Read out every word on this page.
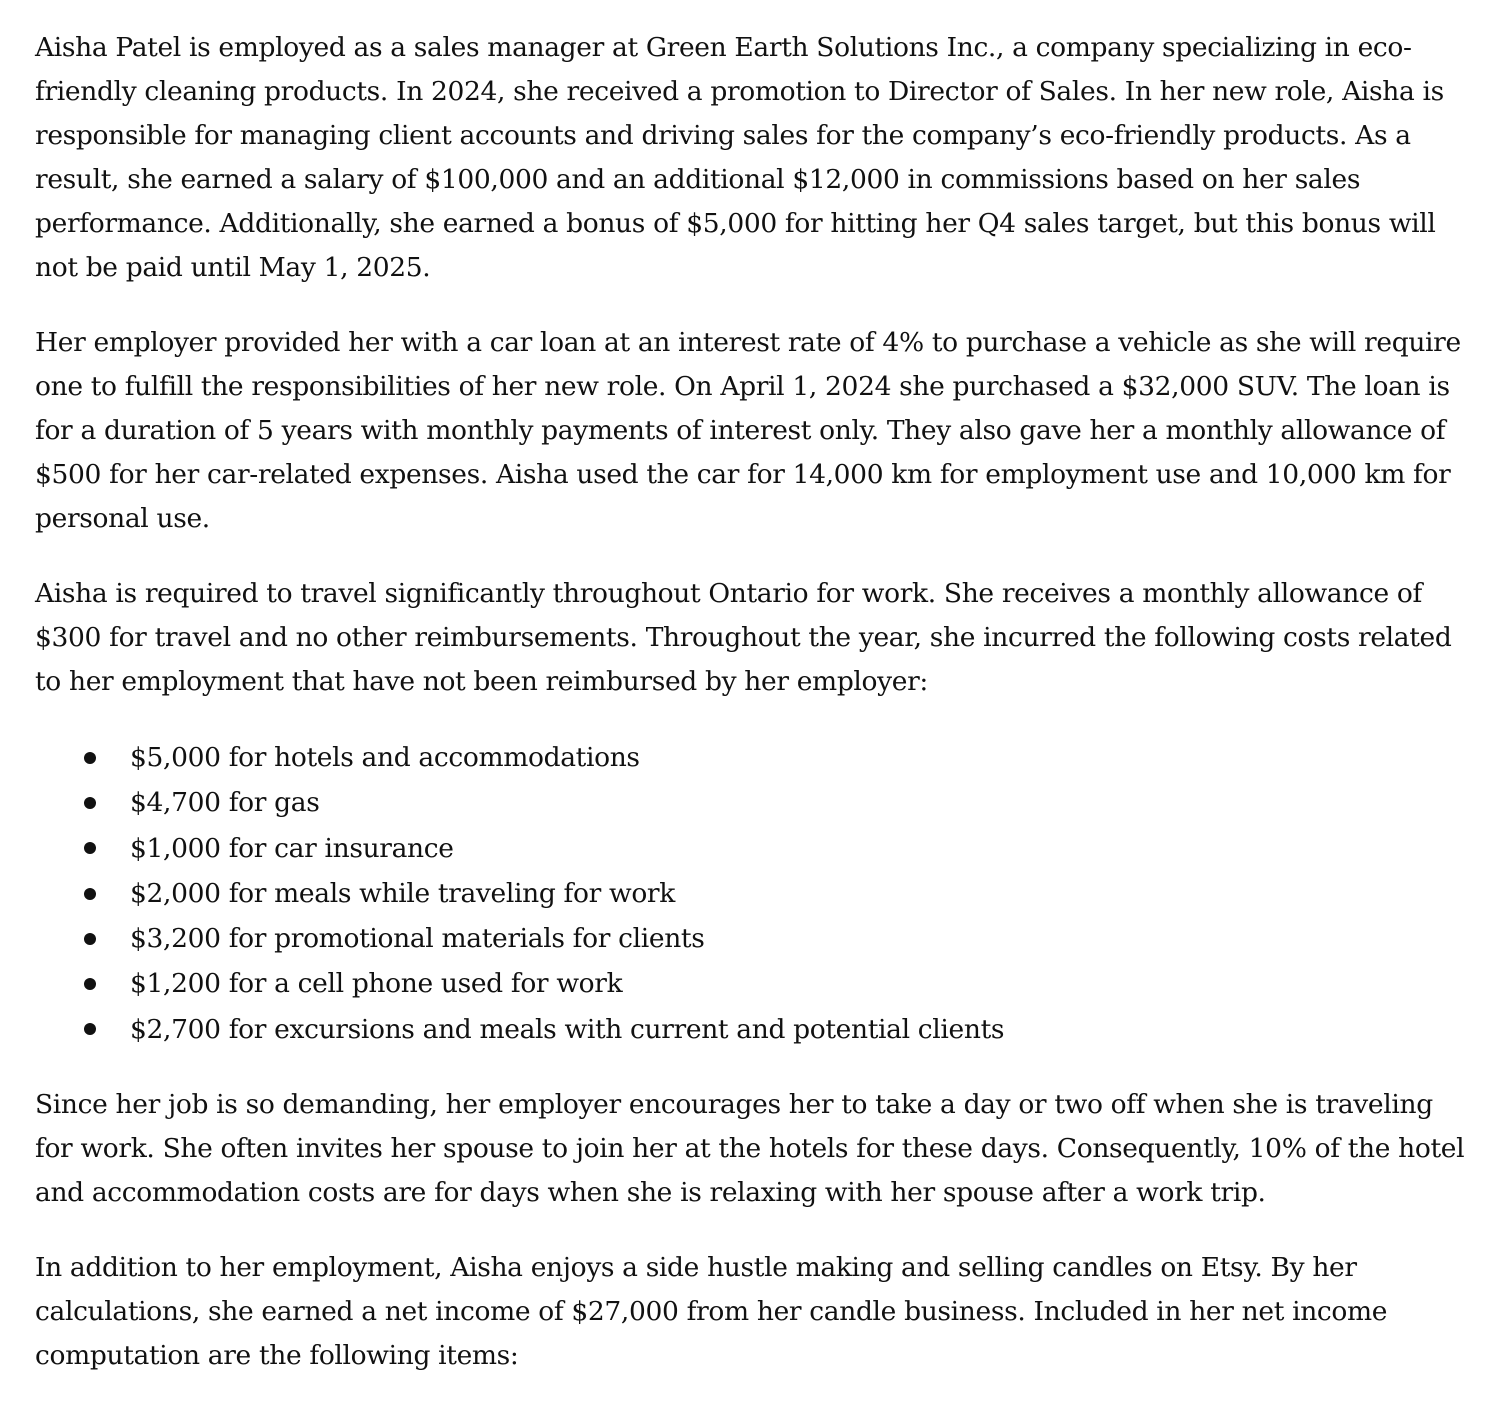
Aisha Patel is employed as a sales manager at Green Earth Solutions Inc., a company specializing in eco-friendly cleaning products. In 2024, she received a promotion to Director of Sales. In her new role, Aisha is responsible for managing client accounts and driving sales for the company’s eco-friendly products. As a result, she earned a salary of $100,000 and an additional $12,000 in commissions based on her sales performance. Additionally, she earned a bonus of $5,000 for hitting her Q4 sales target, but this bonus will not be paid until May 1, 2025.

Her employer provided her with a car loan at an interest rate of 4% to purchase a vehicle as she will require one to fulfill the responsibilities of her new role. On April 1, 2024 she purchased a $32,000 SUV. The loan is for a duration of 5 years with monthly payments of interest only. They also gave her a monthly allowance of $500 for her car-related expenses. Aisha used the car for 14,000 km for employment use and 10,000 km for personal use.

Aisha is required to travel significantly throughout Ontario for work. She receives a monthly allowance of $300 for travel and no other reimbursements. Throughout the year, she incurred the following costs related to her employment that have not been reimbursed by her employer:

$5,000 for hotels and accommodations
$4,700 for gas
$1,000 for car insurance
$2,000 for meals while traveling for work
$3,200 for promotional materials for clients
$1,200 for a cell phone used for work
$2,700 for excursions and meals with current and potential clients

Since her job is so demanding, her employer encourages her to take a day or two off when she is traveling for work. She often invites her spouse to join her at the hotels for these days. Consequently, 10% of the hotel and accommodation costs are for days when she is relaxing with her spouse after a work trip.

In addition to her employment, Aisha enjoys a side hustle making and selling candles on Etsy. By her calculations, she earned a net income of $27,000 from her candle business. Included in her net income computation are the following items:
